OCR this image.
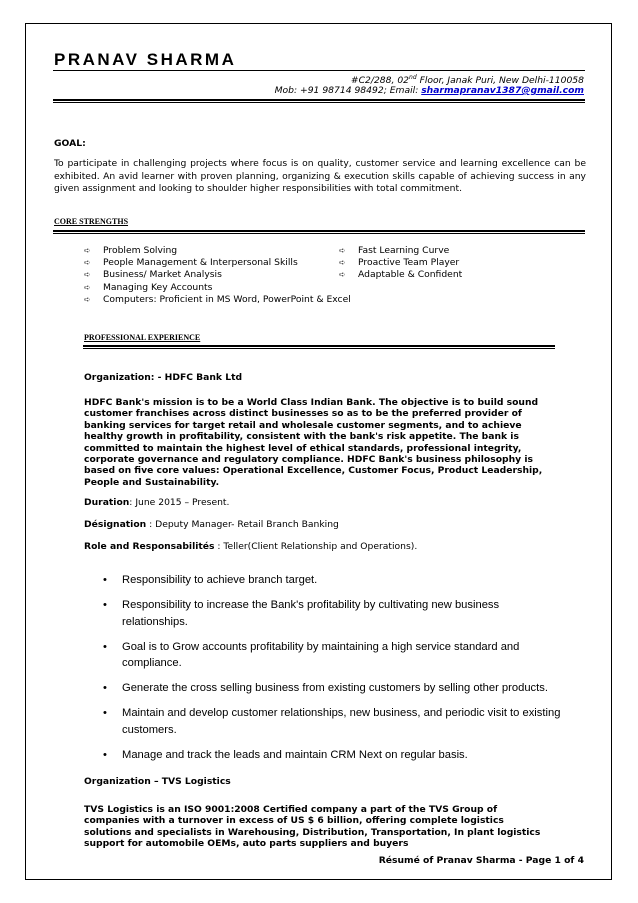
PRANAV SHARMA
#C2/288, 02nd Floor, Janak Puri, New Delhi-110058
Mob: +91 98714 98492; Email: sharmapranav1387@gmail.com
GOAL:
To participate in challenging projects where focus is on quality, customer service and learning excellence can be exhibited. An avid learner with proven planning, organizing & execution skills capable of achieving success in any given assignment and looking to shoulder higher responsibilities with total commitment.
CORE STRENGTHS
➪ Problem Solving
➪ People Management & Interpersonal Skills
➪ Business/ Market Analysis
➪ Managing Key Accounts
➪ Computers: Proficient in MS Word, PowerPoint & Excel
➪ Fast Learning Curve
➪ Proactive Team Player
➪ Adaptable & Confident
PROFESSIONAL EXPERIENCE
Organization: - HDFC Bank Ltd
HDFC Bank's mission is to be a World Class Indian Bank. The objective is to build sound customer franchises across distinct businesses so as to be the preferred provider of banking services for target retail and wholesale customer segments, and to achieve healthy growth in profitability, consistent with the bank's risk appetite. The bank is committed to maintain the highest level of ethical standards, professional integrity, corporate governance and regulatory compliance. HDFC Bank's business philosophy is based on five core values: Operational Excellence, Customer Focus, Product Leadership, People and Sustainability.
Duration: June 2015 – Present.
Désignation : Deputy Manager- Retail Branch Banking
Role and Responsabilités : Teller(Client Relationship and Operations).
• Responsibility to achieve branch target.
• Responsibility to increase the Bank's profitability by cultivating new business relationships.
• Goal is to Grow accounts profitability by maintaining a high service standard and compliance.
• Generate the cross selling business from existing customers by selling other products.
• Maintain and develop customer relationships, new business, and periodic visit to existing customers.
• Manage and track the leads and maintain CRM Next on regular basis.
Organization – TVS Logistics
TVS Logistics is an ISO 9001:2008 Certified company a part of the TVS Group of companies with a turnover in excess of US $ 6 billion, offering complete logistics solutions and specialists in Warehousing, Distribution, Transportation, In plant logistics support for automobile OEMs, auto parts suppliers and buyers
Résumé of Pranav Sharma - Page 1 of 4
